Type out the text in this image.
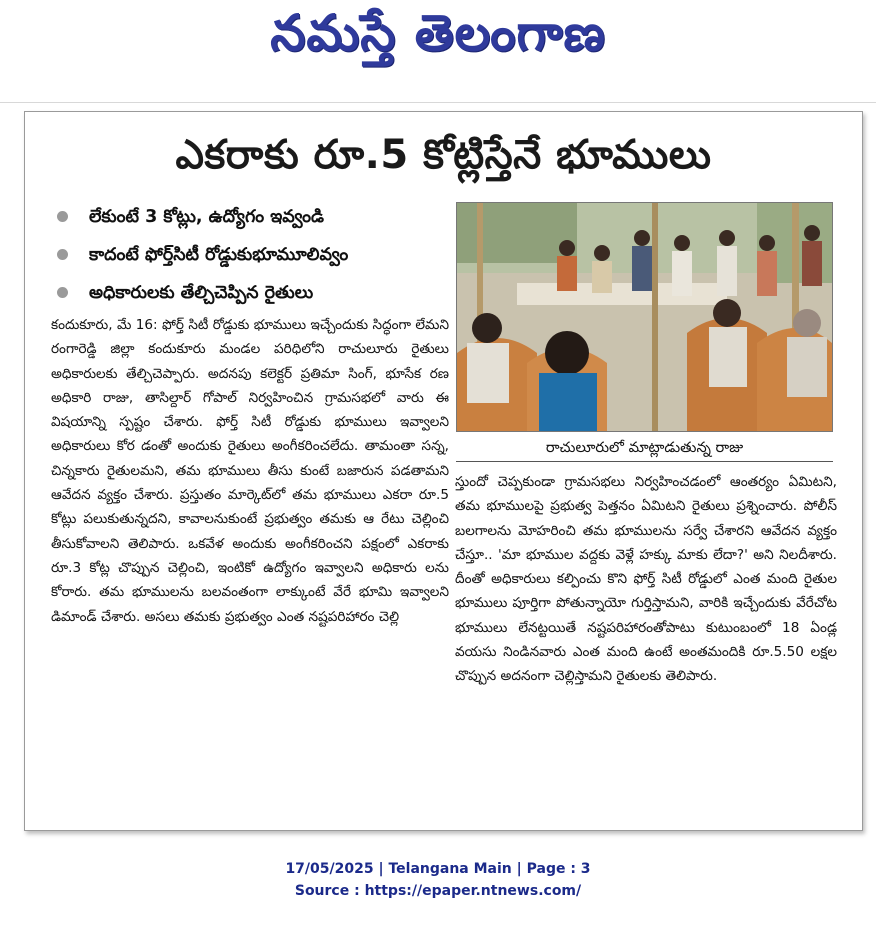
నమస్తే తెలంగాణ
ఎకరాకు రూ.5 కోట్లిస్తేనే భూములు
లేకుంటే 3 కోట్లు, ఉద్యోగం ఇవ్వండి
కాదంటే ఫోర్త్‌సిటీ రోడ్డుకుభూమూలివ్వం
అధికారులకు తేల్చిచెప్పిన రైతులు
కందుకూరు, మే 16: ఫోర్త్ సిటీ రోడ్డుకు భూములు ఇచ్చేందుకు సిద్ధంగా లేమని రంగారెడ్డి జిల్లా కందుకూరు మండల పరిధిలోని రాచులూరు రైతులు అధికారులకు తేల్చిచెప్పారు. అదనపు కలెక్టర్ ప్రతిమా సింగ్, భూసేక రణ అధికారి రాజు, తాసిల్దార్ గోపాల్ నిర్వహించిన గ్రామసభలో వారు ఈ విషయాన్ని స్పష్టం చేశారు. ఫోర్త్ సిటీ రోడ్డుకు భూములు ఇవ్వాలని అధికారులు కోర డంతో అందుకు రైతులు అంగీకరించలేదు. తామంతా సన్న, చిన్నకారు రైతులమని, తమ భూములు తీసు కుంటే బజారున పడతామని ఆవేదన వ్యక్తం చేశారు. ప్రస్తుతం మార్కెట్‌లో తమ భూములు ఎకరా రూ.5 కోట్లు పలుకుతున్నదని, కావాలనుకుంటే ప్రభుత్వం తమకు ఆ రేటు చెల్లించి తీసుకోవాలని తెలిపారు. ఒకవేళ అందుకు అంగీకరించని పక్షంలో ఎకరాకు రూ.3 కోట్ల చొప్పున చెల్లించి, ఇంటికో ఉద్యోగం ఇవ్వాలని అధికారు లను కోరారు. తమ భూములను బలవంతంగా లాక్కుంటే వేరే భూమి ఇవ్వాలని డిమాండ్ చేశారు. అసలు తమకు ప్రభుత్వం ఎంత నష్టపరిహారం చెల్లి
రాచులూరులో మాట్లాడుతున్న రాజు
స్తుందో చెప్పకుండా గ్రామసభలు నిర్వహించడంలో ఆంతర్యం ఏమిటని, తమ భూములపై ప్రభుత్వ పెత్తనం ఏమిటని రైతులు ప్రశ్నించారు. పోలీస్ బలగాలను మోహరించి తమ భూములను సర్వే చేశారని ఆవేదన వ్యక్తం చేస్తూ.. 'మా భూముల వద్దకు వెళ్లే హక్కు మాకు లేదా?' అని నిలదీశారు. దీంతో అధికారులు కల్పించు కొని ఫోర్త్ సిటీ రోడ్డులో ఎంత మంది రైతుల భూములు పూర్తిగా పోతున్నాయో గుర్తిస్తామని, వారికి ఇచ్చేందుకు వేరేచోట భూములు లేనట్టయితే నష్టపరిహారంతోపాటు కుటుంబంలో 18 ఏండ్ల వయసు నిండినవారు ఎంత మంది ఉంటే అంతమందికి రూ.5.50 లక్షల చొప్పున అదనంగా చెల్లిస్తామని రైతులకు తెలిపారు.
17/05/2025 | Telangana Main | Page : 3
Source : https://epaper.ntnews.com/
